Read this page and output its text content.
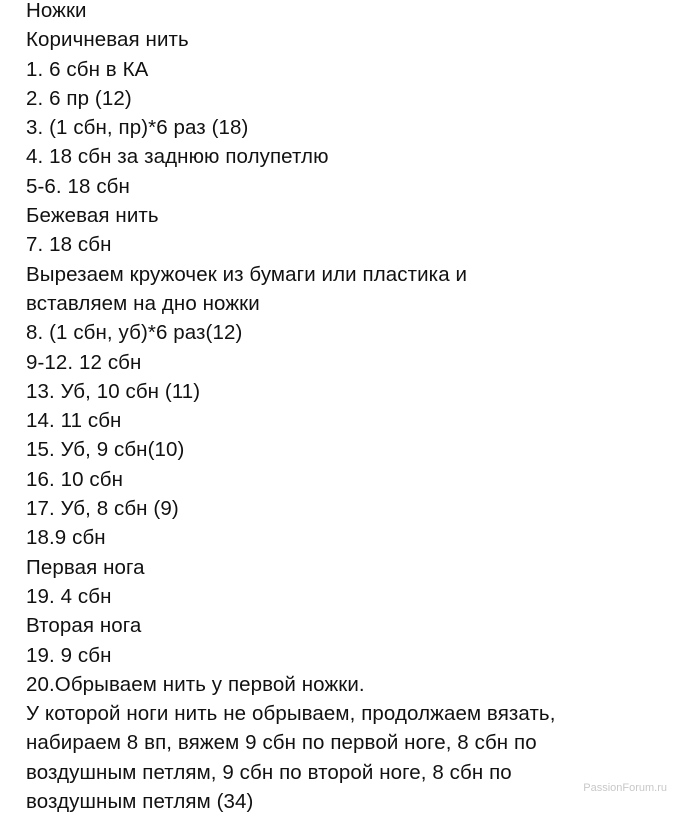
Ножки
Коричневая нить
1. 6 сбн в КА
2. 6 пр (12)
3. (1 сбн, пр)*6 раз (18)
4. 18 сбн за заднюю полупетлю
5-6. 18 сбн
Бежевая нить
7. 18 сбн
Вырезаем кружочек из бумаги или пластика и
вставляем на дно ножки
8. (1 сбн, уб)*6 раз(12)
9-12. 12 сбн
13. Уб, 10 сбн (11)
14. 11 сбн
15. Уб, 9 сбн(10)
16. 10 сбн
17. Уб, 8 сбн (9)
18.9 сбн
Первая нога
19. 4 сбн
Вторая нога
19. 9 сбн
20.Обрываем нить у первой ножки.
У которой ноги нить не обрываем, продолжаем вязать,
набираем 8 вп, вяжем 9 сбн по первой ноге, 8 сбн по
воздушным петлям, 9 сбн по второй ноге, 8 сбн по
воздушным петлям (34)
PassionForum.ru
